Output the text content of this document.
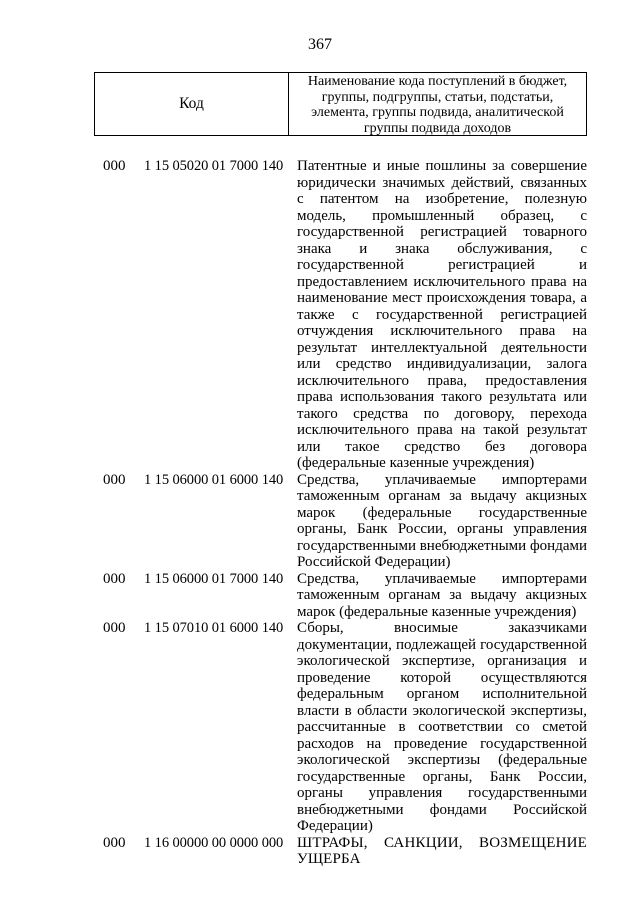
367
Код
Наименование кода поступлений в бюджет, группы, подгруппы, статьи, подстатьи, элемента, группы подвида, аналитической группы подвида доходов
000 1 15 05020 01 7000 140 Патентные и иные пошлины за совершение юридически значимых действий, связанных с патентом на изобретение, полезную модель, промышленный образец, с государственной регистрацией товарного знака и знака обслуживания, с государственной регистрацией и предоставлением исключительного права на наименование мест происхождения товара, а также с государственной регистрацией отчуждения исключительного права на результат интеллектуальной деятельности или средство индивидуализации, залога исключительного права, предоставления права использования такого результата или такого средства по договору, перехода исключительного права на такой результат или такое средство без договора (федеральные казенные учреждения)
000 1 15 06000 01 6000 140 Средства, уплачиваемые импортерами таможенным органам за выдачу акцизных марок (федеральные государственные органы, Банк России, органы управления государственными внебюджетными фондами Российской Федерации)
000 1 15 06000 01 7000 140 Средства, уплачиваемые импортерами таможенным органам за выдачу акцизных марок (федеральные казенные учреждения)
000 1 15 07010 01 6000 140 Сборы, вносимые заказчиками документации, подлежащей государственной экологической экспертизе, организация и проведение которой осуществляются федеральным органом исполнительной власти в области экологической экспертизы, рассчитанные в соответствии со сметой расходов на проведение государственной экологической экспертизы (федеральные государственные органы, Банк России, органы управления государственными внебюджетными фондами Российской Федерации)
000 1 16 00000 00 0000 000 ШТРАФЫ, САНКЦИИ, ВОЗМЕЩЕНИЕ УЩЕРБА
